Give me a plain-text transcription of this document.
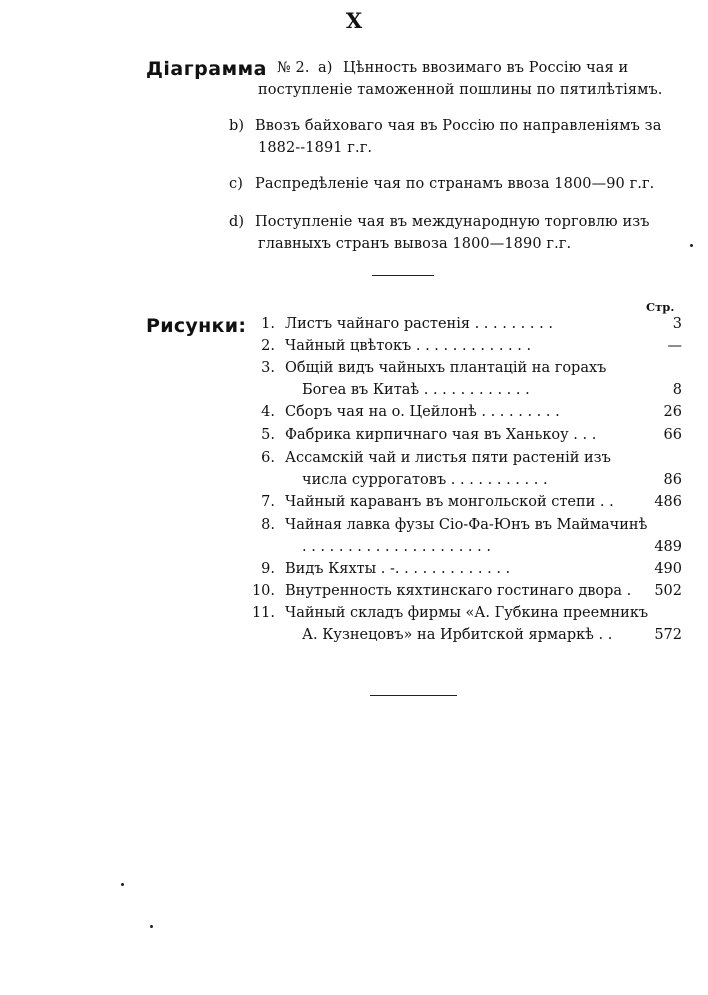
X
Діаграмма № 2. a) Цѣнность ввозимаго въ Россію чая и
поступленіе таможенной пошлины по пятилѣтіямъ.
b) Ввозъ байховаго чая въ Россію по направленіямъ за
1882--1891 г.г.
c) Распредѣленіе чая по странамъ ввоза 1800—90 г.г.
d) Поступленіе чая въ международную торговлю изъ
главныхъ странъ вывоза 1800—1890 г.г.
Стр.
Рисунки:	1. Листъ чайнаго растенія . . . . . . . . .	3
2. Чайный цвѣтокъ . . . . . . . . . . . . .	—
3. Общій видъ чайныхъ плантацій на горахъ
Богеа въ Китаѣ . . . . . . . . . . . .	8
4. Сборъ чая на о. Цейлонѣ . . . . . . . . .	26
5. Фабрика кирпичнаго чая въ Ханькоу . . .	66
6. Ассамскій чай и листья пяти растеній изъ
числа суррогатовъ . . . . . . . . . . .	86
7. Чайный караванъ въ монгольской степи . .	486
8. Чайная лавка фузы Сіо-Фа-Юнъ въ Маймачинѣ
. . . . . . . . . . . . . . . . . . . . .	489
9. Видъ Кяхты . -. . . . . . . . . . . . .	490
10. Внутренность кяхтинскаго гостинаго двора . 502
11. Чайный складъ фирмы «А. Губкина преемникъ
А. Кузнецовъ» на Ирбитской ярмаркѣ . .	572
